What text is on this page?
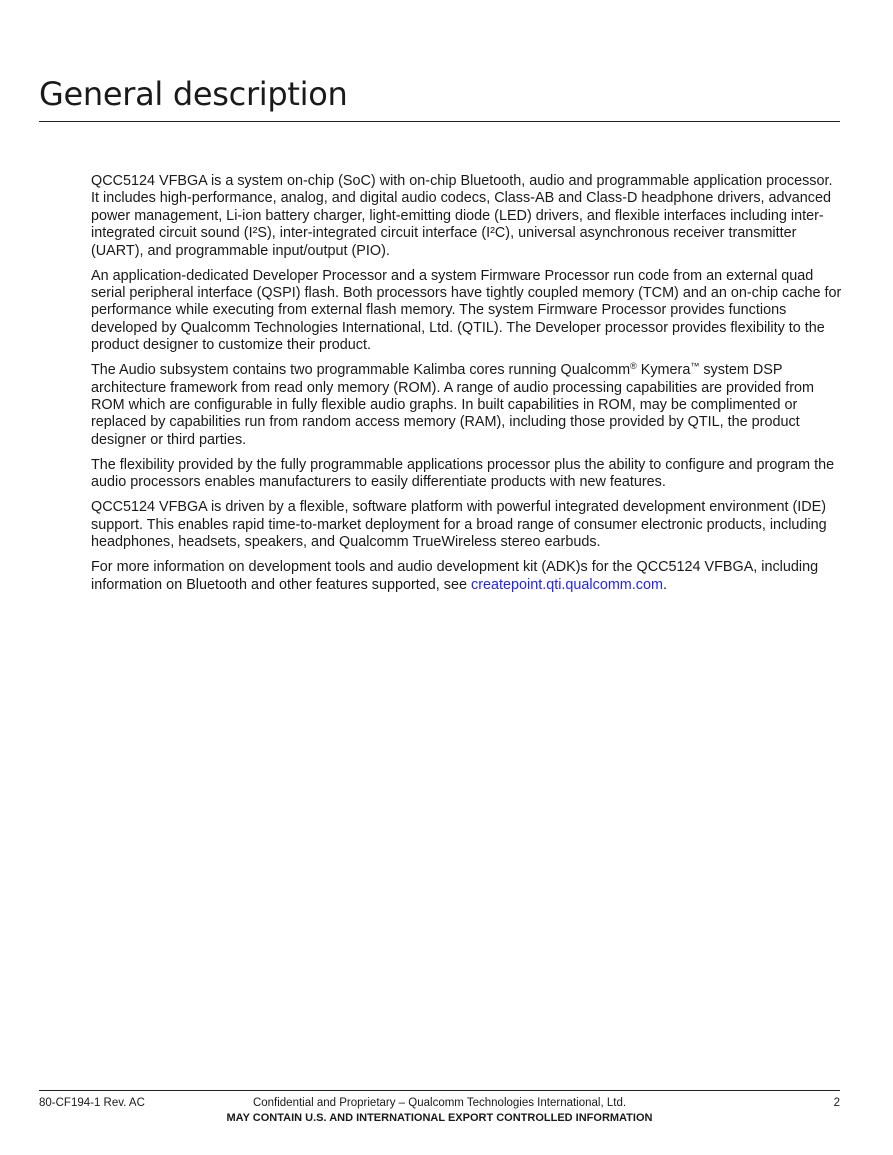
General description

QCC5124 VFBGA is a system on-chip (SoC) with on-chip Bluetooth, audio and programmable application processor. It includes high-performance, analog, and digital audio codecs, Class-AB and Class-D headphone drivers, advanced power management, Li-ion battery charger, light-emitting diode (LED) drivers, and flexible interfaces including inter-integrated circuit sound (I²S), inter-integrated circuit interface (I²C), universal asynchronous receiver transmitter (UART), and programmable input/output (PIO).

An application-dedicated Developer Processor and a system Firmware Processor run code from an external quad serial peripheral interface (QSPI) flash. Both processors have tightly coupled memory (TCM) and an on-chip cache for performance while executing from external flash memory. The system Firmware Processor provides functions developed by Qualcomm Technologies International, Ltd. (QTIL). The Developer processor provides flexibility to the product designer to customize their product.

The Audio subsystem contains two programmable Kalimba cores running Qualcomm® Kymera™ system DSP architecture framework from read only memory (ROM). A range of audio processing capabilities are provided from ROM which are configurable in fully flexible audio graphs. In built capabilities in ROM, may be complimented or replaced by capabilities run from random access memory (RAM), including those provided by QTIL, the product designer or third parties.

The flexibility provided by the fully programmable applications processor plus the ability to configure and program the audio processors enables manufacturers to easily differentiate products with new features.

QCC5124 VFBGA is driven by a flexible, software platform with powerful integrated development environment (IDE) support. This enables rapid time-to-market deployment for a broad range of consumer electronic products, including headphones, headsets, speakers, and Qualcomm TrueWireless stereo earbuds.

For more information on development tools and audio development kit (ADK)s for the QCC5124 VFBGA, including information on Bluetooth and other features supported, see createpoint.qti.qualcomm.com.

80-CF194-1 Rev. AC	Confidential and Proprietary – Qualcomm Technologies International, Ltd.
MAY CONTAIN U.S. AND INTERNATIONAL EXPORT CONTROLLED INFORMATION
2
